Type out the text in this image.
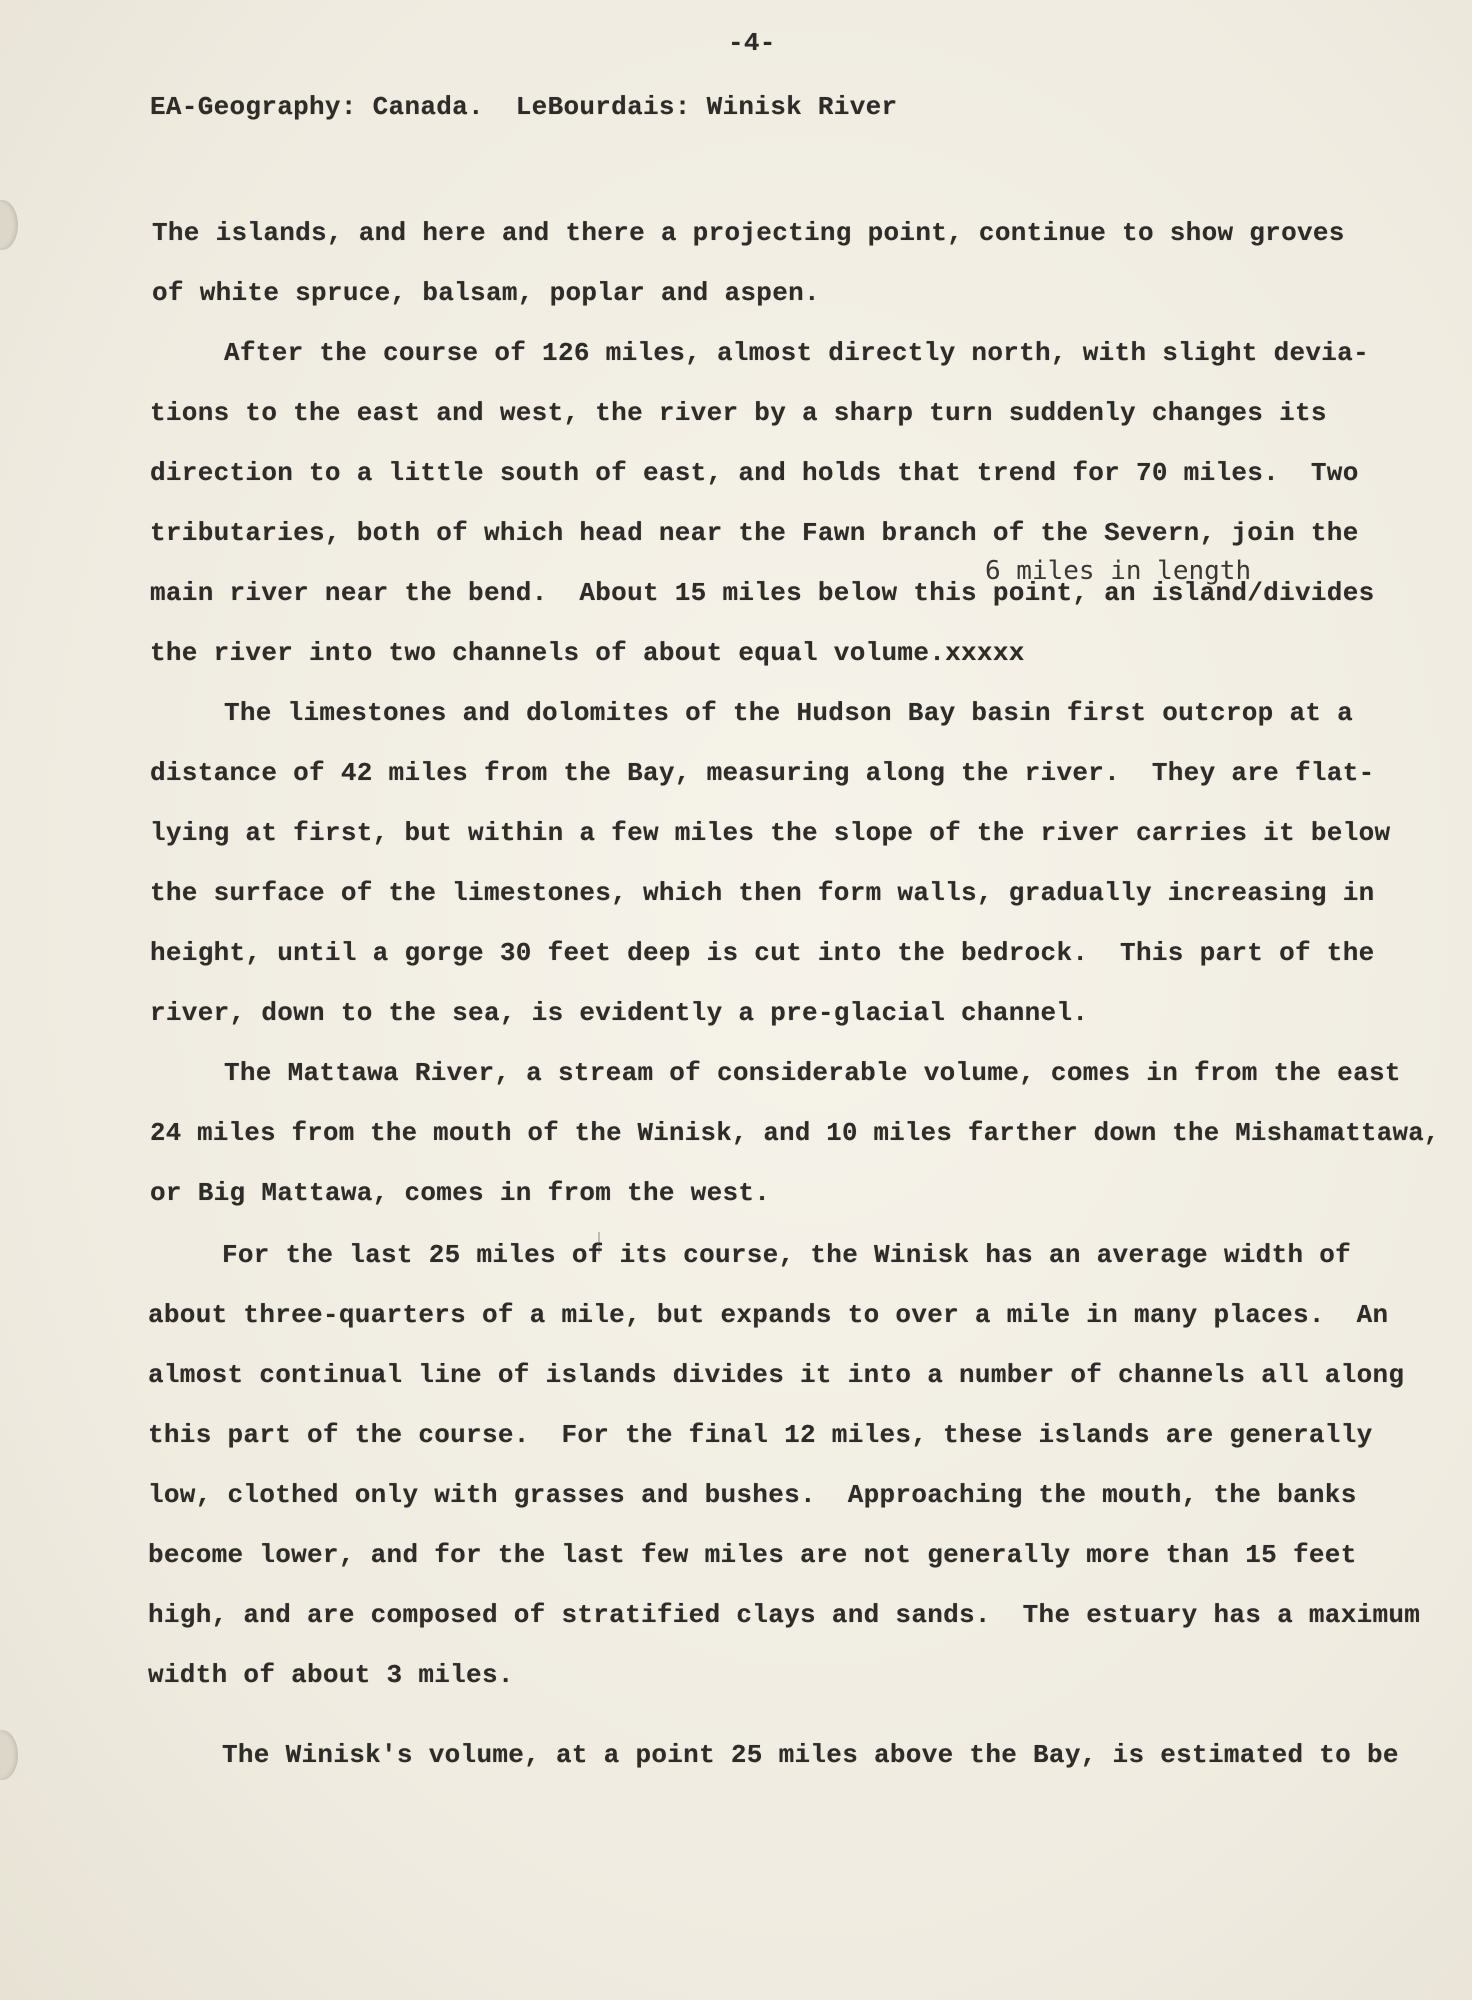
-4-
EA-Geography: Canada.  LeBourdais: Winisk River
The islands, and here and there a projecting point, continue to show groves
of white spruce, balsam, poplar and aspen.
After the course of 126 miles, almost directly north, with slight devia-
tions to the east and west, the river by a sharp turn suddenly changes its
direction to a little south of east, and holds that trend for 70 miles.  Two
tributaries, both of which head near the Fawn branch of the Severn, join the
6 miles in length
main river near the bend.  About 15 miles below this point, an island/divides
the river into two channels of about equal volume.xxxxx
The limestones and dolomites of the Hudson Bay basin first outcrop at a
distance of 42 miles from the Bay, measuring along the river.  They are flat-
lying at first, but within a few miles the slope of the river carries it below
the surface of the limestones, which then form walls, gradually increasing in
height, until a gorge 30 feet deep is cut into the bedrock.  This part of the
river, down to the sea, is evidently a pre-glacial channel.
The Mattawa River, a stream of considerable volume, comes in from the east
24 miles from the mouth of the Winisk, and 10 miles farther down the Mishamattawa,
or Big Mattawa, comes in from the west.
For the last 25 miles of its course, the Winisk has an average width of
about three-quarters of a mile, but expands to over a mile in many places.  An
almost continual line of islands divides it into a number of channels all along
this part of the course.  For the final 12 miles, these islands are generally
low, clothed only with grasses and bushes.  Approaching the mouth, the banks
become lower, and for the last few miles are not generally more than 15 feet
high, and are composed of stratified clays and sands.  The estuary has a maximum
width of about 3 miles.
The Winisk's volume, at a point 25 miles above the Bay, is estimated to be
